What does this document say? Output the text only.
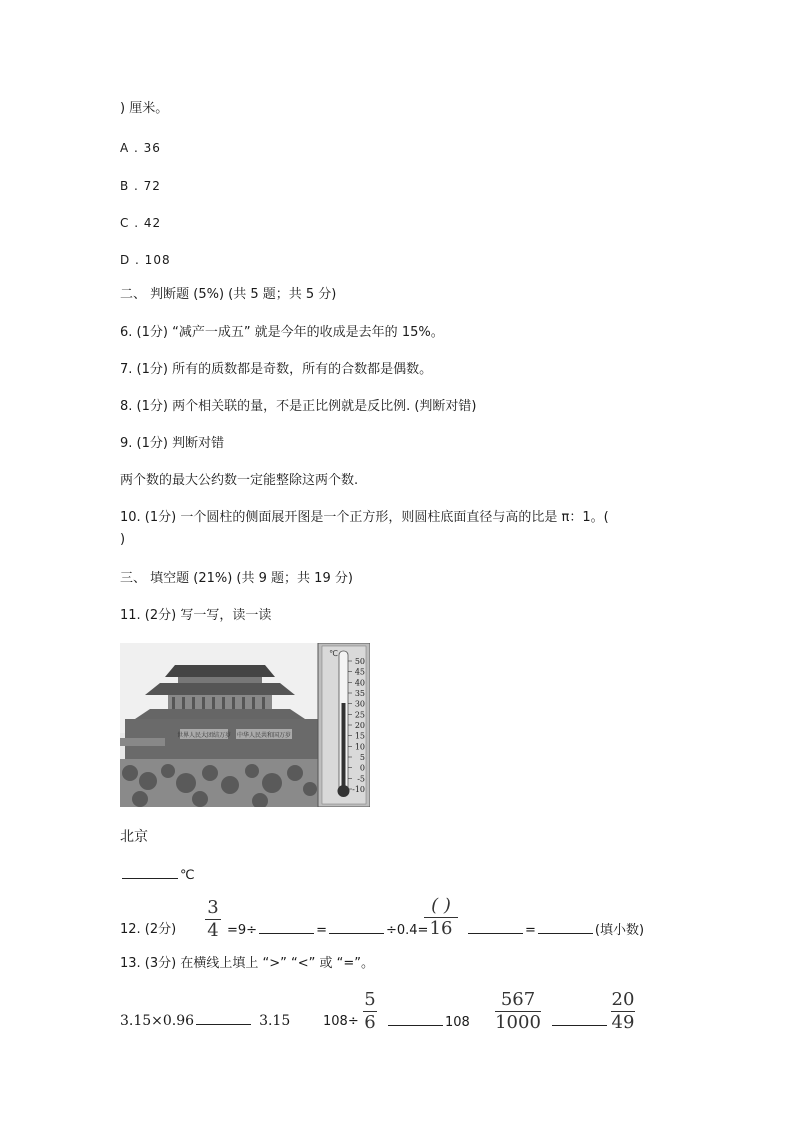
) 厘米。
A . 36
B . 72
C . 42
D . 108
二、 判断题 (5%) (共 5 题；共 5 分)
6. (1分) “减产一成五” 就是今年的收成是去年的 15%。
7. (1分) 所有的质数都是奇数，所有的合数都是偶数。
8. (1分) 两个相关联的量，不是正比例就是反比例. (判断对错)
9. (1分) 判断对错
两个数的最大公约数一定能整除这两个数.
10. (1分) 一个圆柱的侧面展开图是一个正方形，则圆柱底面直径与高的比是 π：1。(
)
三、 填空题 (21%) (共 9 题；共 19 分)
11. (2分) 写一写，读一读
世界人民大团结万岁 中华人民共和国万岁
℃
50
45
40
35
30
25
20
15
10
5
0
-5
-10
北京
℃
12. (2分)
3
4 =9÷	=	÷0.4=
( )
16	=	(填小数)
13. (3分) 在横线上填上 “>” “<” 或 “=”。
3.15×0.96	3.15	108÷
5
6	108
567
1000
20
49
